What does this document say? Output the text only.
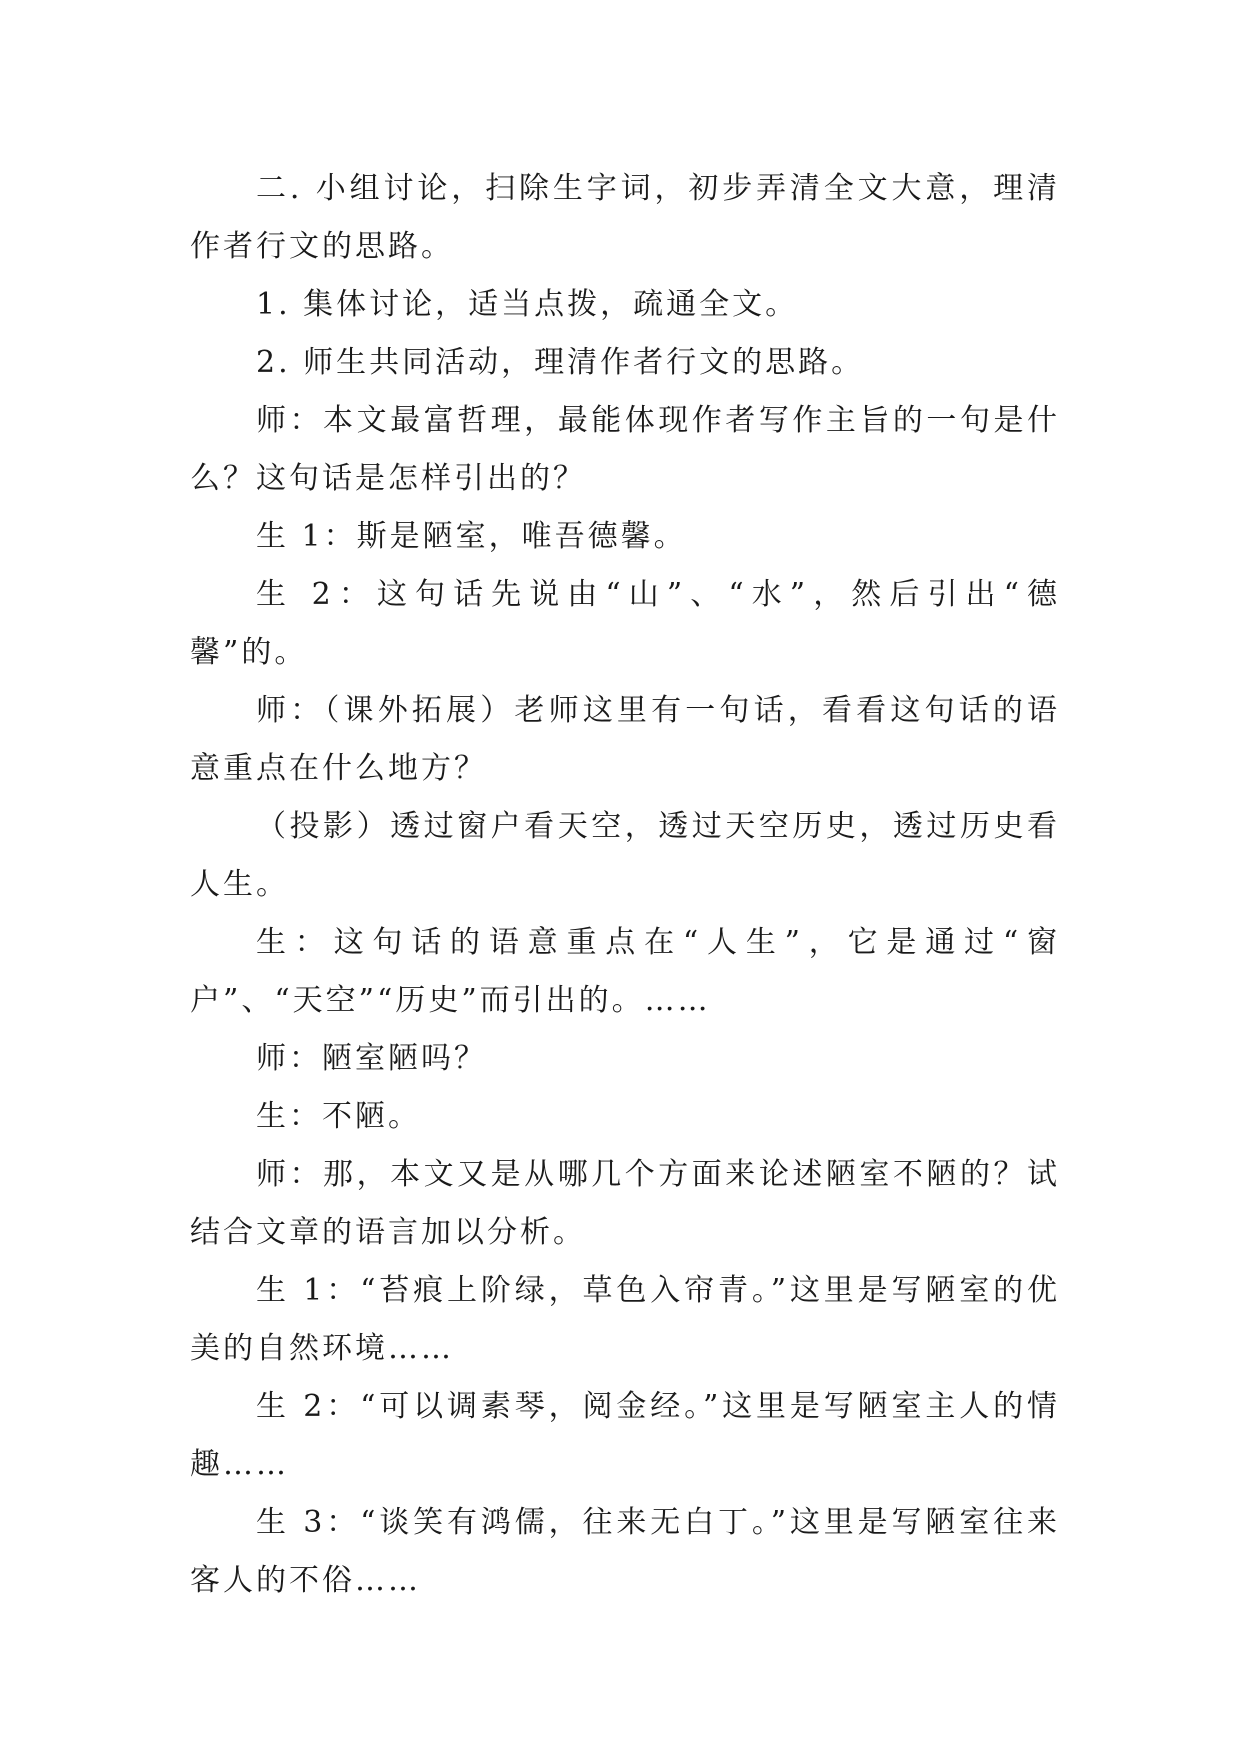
二. 小组讨论，扫除生字词，初步弄清全文大意，理清作者行文的思路。

1. 集体讨论，适当点拨，疏通全文。

2. 师生共同活动，理清作者行文的思路。

师：本文最富哲理，最能体现作者写作主旨的一句是什么？这句话是怎样引出的？

生 1：斯是陋室，唯吾德馨。

生 2：这句话先说由“山”、“水”，然后引出“德馨”的。

师：（课外拓展）老师这里有一句话，看看这句话的语意重点在什么地方？

（投影）透过窗户看天空，透过天空历史，透过历史看人生。

生：这句话的语意重点在“人生”，它是通过“窗户”、“天空”“历史”而引出的。……

师：陋室陋吗？

生：不陋。

师：那，本文又是从哪几个方面来论述陋室不陋的？试结合文章的语言加以分析。

生 1：“苔痕上阶绿，草色入帘青。”这里是写陋室的优美的自然环境……

生 2：“可以调素琴，阅金经。”这里是写陋室主人的情趣……

生 3：“谈笑有鸿儒，往来无白丁。”这里是写陋室往来客人的不俗……
